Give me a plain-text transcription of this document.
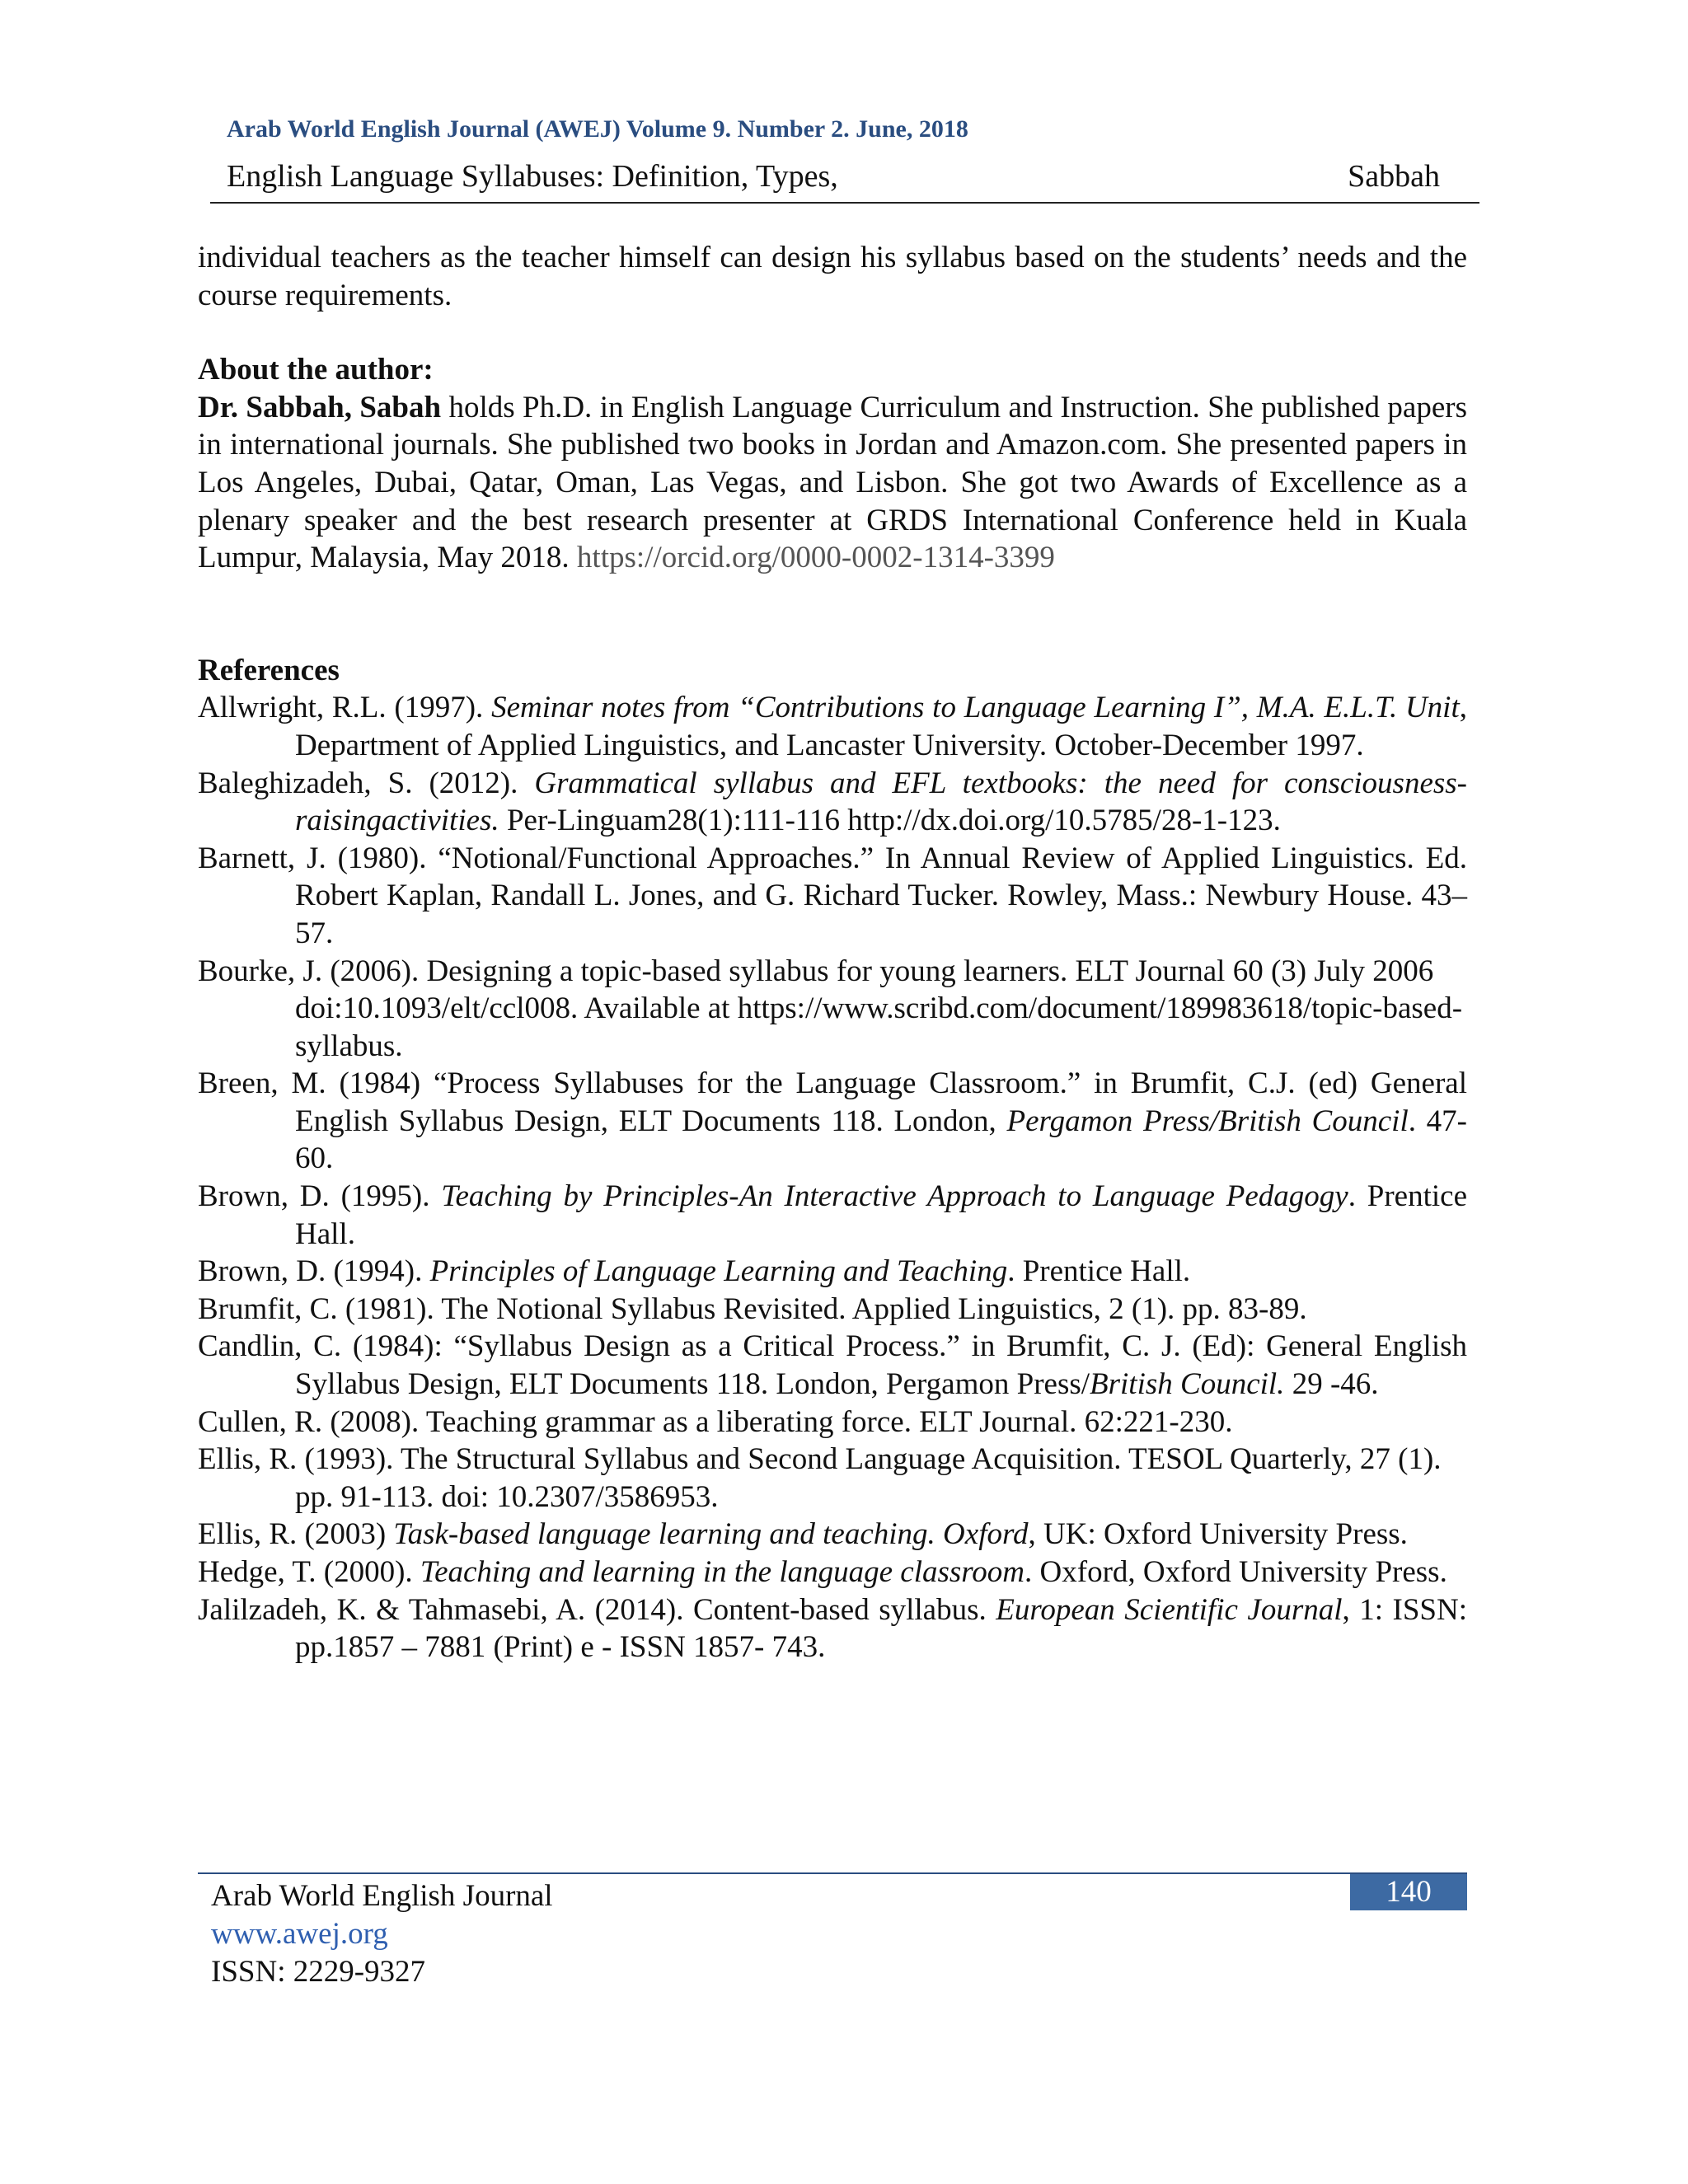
Arab World English Journal (AWEJ) Volume 9. Number 2. June, 2018
English Language Syllabuses: Definition, Types,	Sabbah

individual teachers as the teacher himself can design his syllabus based on the students’ needs and the course requirements.

About the author:

Dr. Sabbah, Sabah holds Ph.D. in English Language Curriculum and Instruction. She published papers in international journals. She published two books in Jordan and Amazon.com. She presented papers in Los Angeles, Dubai, Qatar, Oman, Las Vegas, and Lisbon. She got two Awards of Excellence as a plenary speaker and the best research presenter at GRDS International Conference held in Kuala Lumpur, Malaysia, May 2018. https://orcid.org/0000-0002-1314-3399

References

Allwright, R.L. (1997). Seminar notes from “Contributions to Language Learning I”, M.A. E.L.T. Unit, Department of Applied Linguistics, and Lancaster University. October-December 1997.

Baleghizadeh, S. (2012). Grammatical syllabus and EFL textbooks: the need for consciousness-raisingactivities. Per-Linguam28(1):111-116 http://dx.doi.org/10.5785/28-1-123.

Barnett, J. (1980). “Notional/Functional Approaches.” In Annual Review of Applied Linguistics. Ed. Robert Kaplan, Randall L. Jones, and G. Richard Tucker. Rowley, Mass.: Newbury House. 43–57.

Bourke, J. (2006). Designing a topic-based syllabus for young learners. ELT Journal 60 (3) July 2006 doi:10.1093/elt/ccl008. Available at https://www.scribd.com/document/189983618/topic-based-syllabus.

Breen, M. (1984) “Process Syllabuses for the Language Classroom.” in Brumfit, C.J. (ed) General English Syllabus Design, ELT Documents 118. London, Pergamon Press/British Council. 47-60.

Brown, D. (1995). Teaching by Principles-An Interactive Approach to Language Pedagogy. Prentice Hall.

Brown, D. (1994). Principles of Language Learning and Teaching. Prentice Hall.

Brumfit, C. (1981). The Notional Syllabus Revisited. Applied Linguistics, 2 (1). pp. 83-89.

Candlin, C. (1984): “Syllabus Design as a Critical Process.” in Brumfit, C. J. (Ed): General English Syllabus Design, ELT Documents 118. London, Pergamon Press/British Council. 29 -46.

Cullen, R. (2008). Teaching grammar as a liberating force. ELT Journal. 62:221-230.

Ellis, R. (1993). The Structural Syllabus and Second Language Acquisition. TESOL Quarterly, 27 (1). pp. 91-113. doi: 10.2307/3586953.

Ellis, R. (2003) Task-based language learning and teaching. Oxford, UK: Oxford University Press.

Hedge, T. (2000). Teaching and learning in the language classroom. Oxford, Oxford University Press.

Jalilzadeh, K. & Tahmasebi, A. (2014). Content-based syllabus. European Scientific Journal, 1: ISSN: pp.1857 – 7881 (Print) e - ISSN 1857- 743.

Arab World English Journal
www.awej.org
ISSN: 2229-9327
140
